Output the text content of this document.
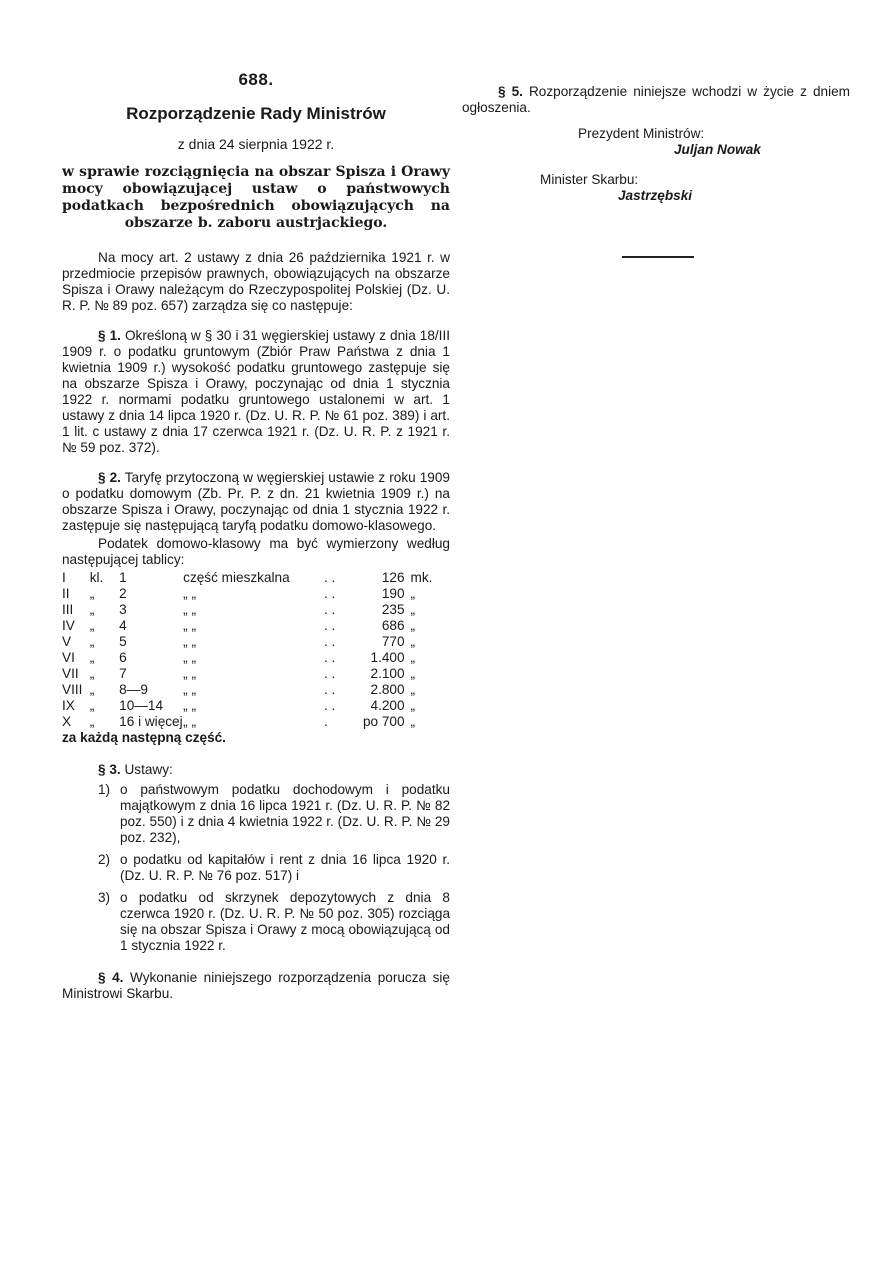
688.

Rozporządzenie Rady Ministrów

z dnia 24 sierpnia 1922 r.

w sprawie rozciągnięcia na obszar Spisza i Orawy mocy obowiązującej ustaw o państwowych podatkach bezpośrednich obowiązujących na obszarze b. zaboru austrjackiego.

Na mocy art. 2 ustawy z dnia 26 października 1921 r. w przedmiocie przepisów prawnych, obowiązujących na obszarze Spisza i Orawy należącym do Rzeczypospolitej Polskiej (Dz. U. R. P. № 89 poz. 657) zarządza się co następuje:

§ 1. Określoną w § 30 i 31 węgierskiej ustawy z dnia 18/III 1909 r. o podatku gruntowym (Zbiór Praw Państwa z dnia 1 kwietnia 1909 r.) wysokość podatku gruntowego zastępuje się na obszarze Spisza i Orawy, poczynając od dnia 1 stycznia 1922 r. normami podatku gruntowego ustalonemi w art. 1 ustawy z dnia 14 lipca 1920 r. (Dz. U. R. P. № 61 poz. 389) i art. 1 lit. c ustawy z dnia 17 czerwca 1921 r. (Dz. U. R. P. z 1921 r. № 59 poz. 372).

§ 2. Taryfę przytoczoną w węgierskiej ustawie z roku 1909 o podatku domowym (Zb. Pr. P. z dn. 21 kwietnia 1909 r.) na obszarze Spisza i Orawy, poczynając od dnia 1 stycznia 1922 r. zastępuje się następującą taryfą podatku domowo-klasowego.

Podatek domowo-klasowy ma być wymierzony według następującej tablicy:

I	kl.	1	część mieszkalna	. .	126	mk.
II	„	2	„ „	. .	190	„
III	„	3	„ „	. .	235	„
IV	„	4	„ „	. .	686	„
V	„	5	„ „	. .	770	„
VI	„	6	„ „	. .	1.400	„
VII	„	7	„ „	. .	2.100	„
VIII	„	8—9	„ „	. .	2.800	„
IX	„	10—14	„ „	. .	4.200	„
X	„	16 i więcej	„ „	.	po 700	„

za każdą następną część.

§ 3. Ustawy:

1) o państwowym podatku dochodowym i podatku majątkowym z dnia 16 lipca 1921 r. (Dz. U. R. P. № 82 poz. 550) i z dnia 4 kwietnia 1922 r. (Dz. U. R. P. № 29 poz. 232),
2) o podatku od kapitałów i rent z dnia 16 lipca 1920 r. (Dz. U. R. P. № 76 poz. 517) i
3) o podatku od skrzynek depozytowych z dnia 8 czerwca 1920 r. (Dz. U. R. P. № 50 poz. 305) rozciąga się na obszar Spisza i Orawy z mocą obowiązującą od 1 stycznia 1922 r.

§ 4. Wykonanie niniejszego rozporządzenia porucza się Ministrowi Skarbu.

§ 5. Rozporządzenie niniejsze wchodzi w życie z dniem ogłoszenia.

Prezydent Ministrów:

Juljan Nowak

Minister Skarbu:

Jastrzębski
